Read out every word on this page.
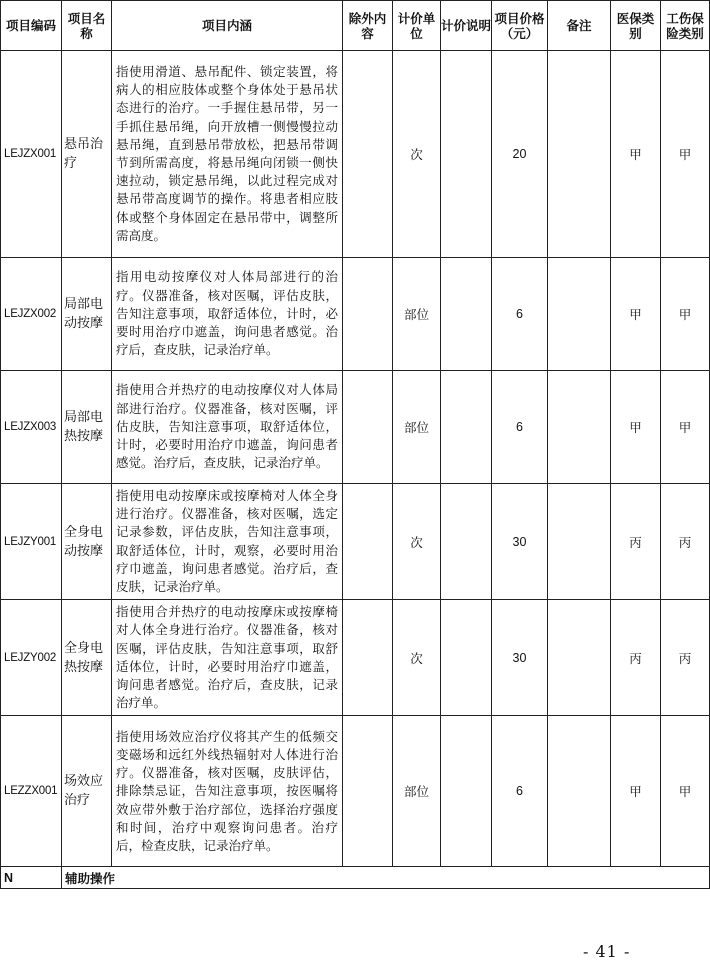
项目编码	项目名称	项目内涵	除外内容	计价单位	计价说明	项目价格（元）	备注	医保类别	工伤保险类别
LEJZX001	悬吊治疗	指使用滑道、悬吊配件、锁定装置，将病人的相应肢体或整个身体处于悬吊状态进行的治疗。一手握住悬吊带，另一手抓住悬吊绳，向开放槽一侧慢慢拉动悬吊绳，直到悬吊带放松，把悬吊带调节到所需高度，将悬吊绳向闭锁一侧快速拉动，锁定悬吊绳，以此过程完成对悬吊带高度调节的操作。将患者相应肢体或整个身体固定在悬吊带中，调整所需高度。		次		20		甲	甲
LEJZX002	局部电动按摩	指用电动按摩仪对人体局部进行的治疗。仪器准备，核对医嘱，评估皮肤，告知注意事项，取舒适体位，计时，必要时用治疗巾遮盖，询问患者感觉。治疗后，查皮肤，记录治疗单。		部位		6		甲	甲
LEJZX003	局部电热按摩	指使用合并热疗的电动按摩仪对人体局部进行治疗。仪器准备，核对医嘱，评估皮肤，告知注意事项，取舒适体位，计时，必要时用治疗巾遮盖，询问患者感觉。治疗后，查皮肤，记录治疗单。		部位		6		甲	甲
LEJZY001	全身电动按摩	指使用电动按摩床或按摩椅对人体全身进行治疗。仪器准备，核对医嘱，选定记录参数，评估皮肤，告知注意事项，取舒适体位，计时，观察，必要时用治疗巾遮盖，询问患者感觉。治疗后，查皮肤，记录治疗单。		次		30		丙	丙
LEJZY002	全身电热按摩	指使用合并热疗的电动按摩床或按摩椅对人体全身进行治疗。仪器准备，核对医嘱，评估皮肤，告知注意事项，取舒适体位，计时，必要时用治疗巾遮盖，询问患者感觉。治疗后，查皮肤，记录治疗单。		次		30		丙	丙
LEZZX001	场效应治疗	指使用场效应治疗仪将其产生的低频交变磁场和远红外线热辐射对人体进行治疗。仪器准备，核对医嘱，皮肤评估，排除禁忌证，告知注意事项，按医嘱将效应带外敷于治疗部位，选择治疗强度和时间，治疗中观察询问患者。治疗后，检查皮肤，记录治疗单。		部位		6		甲	甲
N	辅助操作								
- 41 -
